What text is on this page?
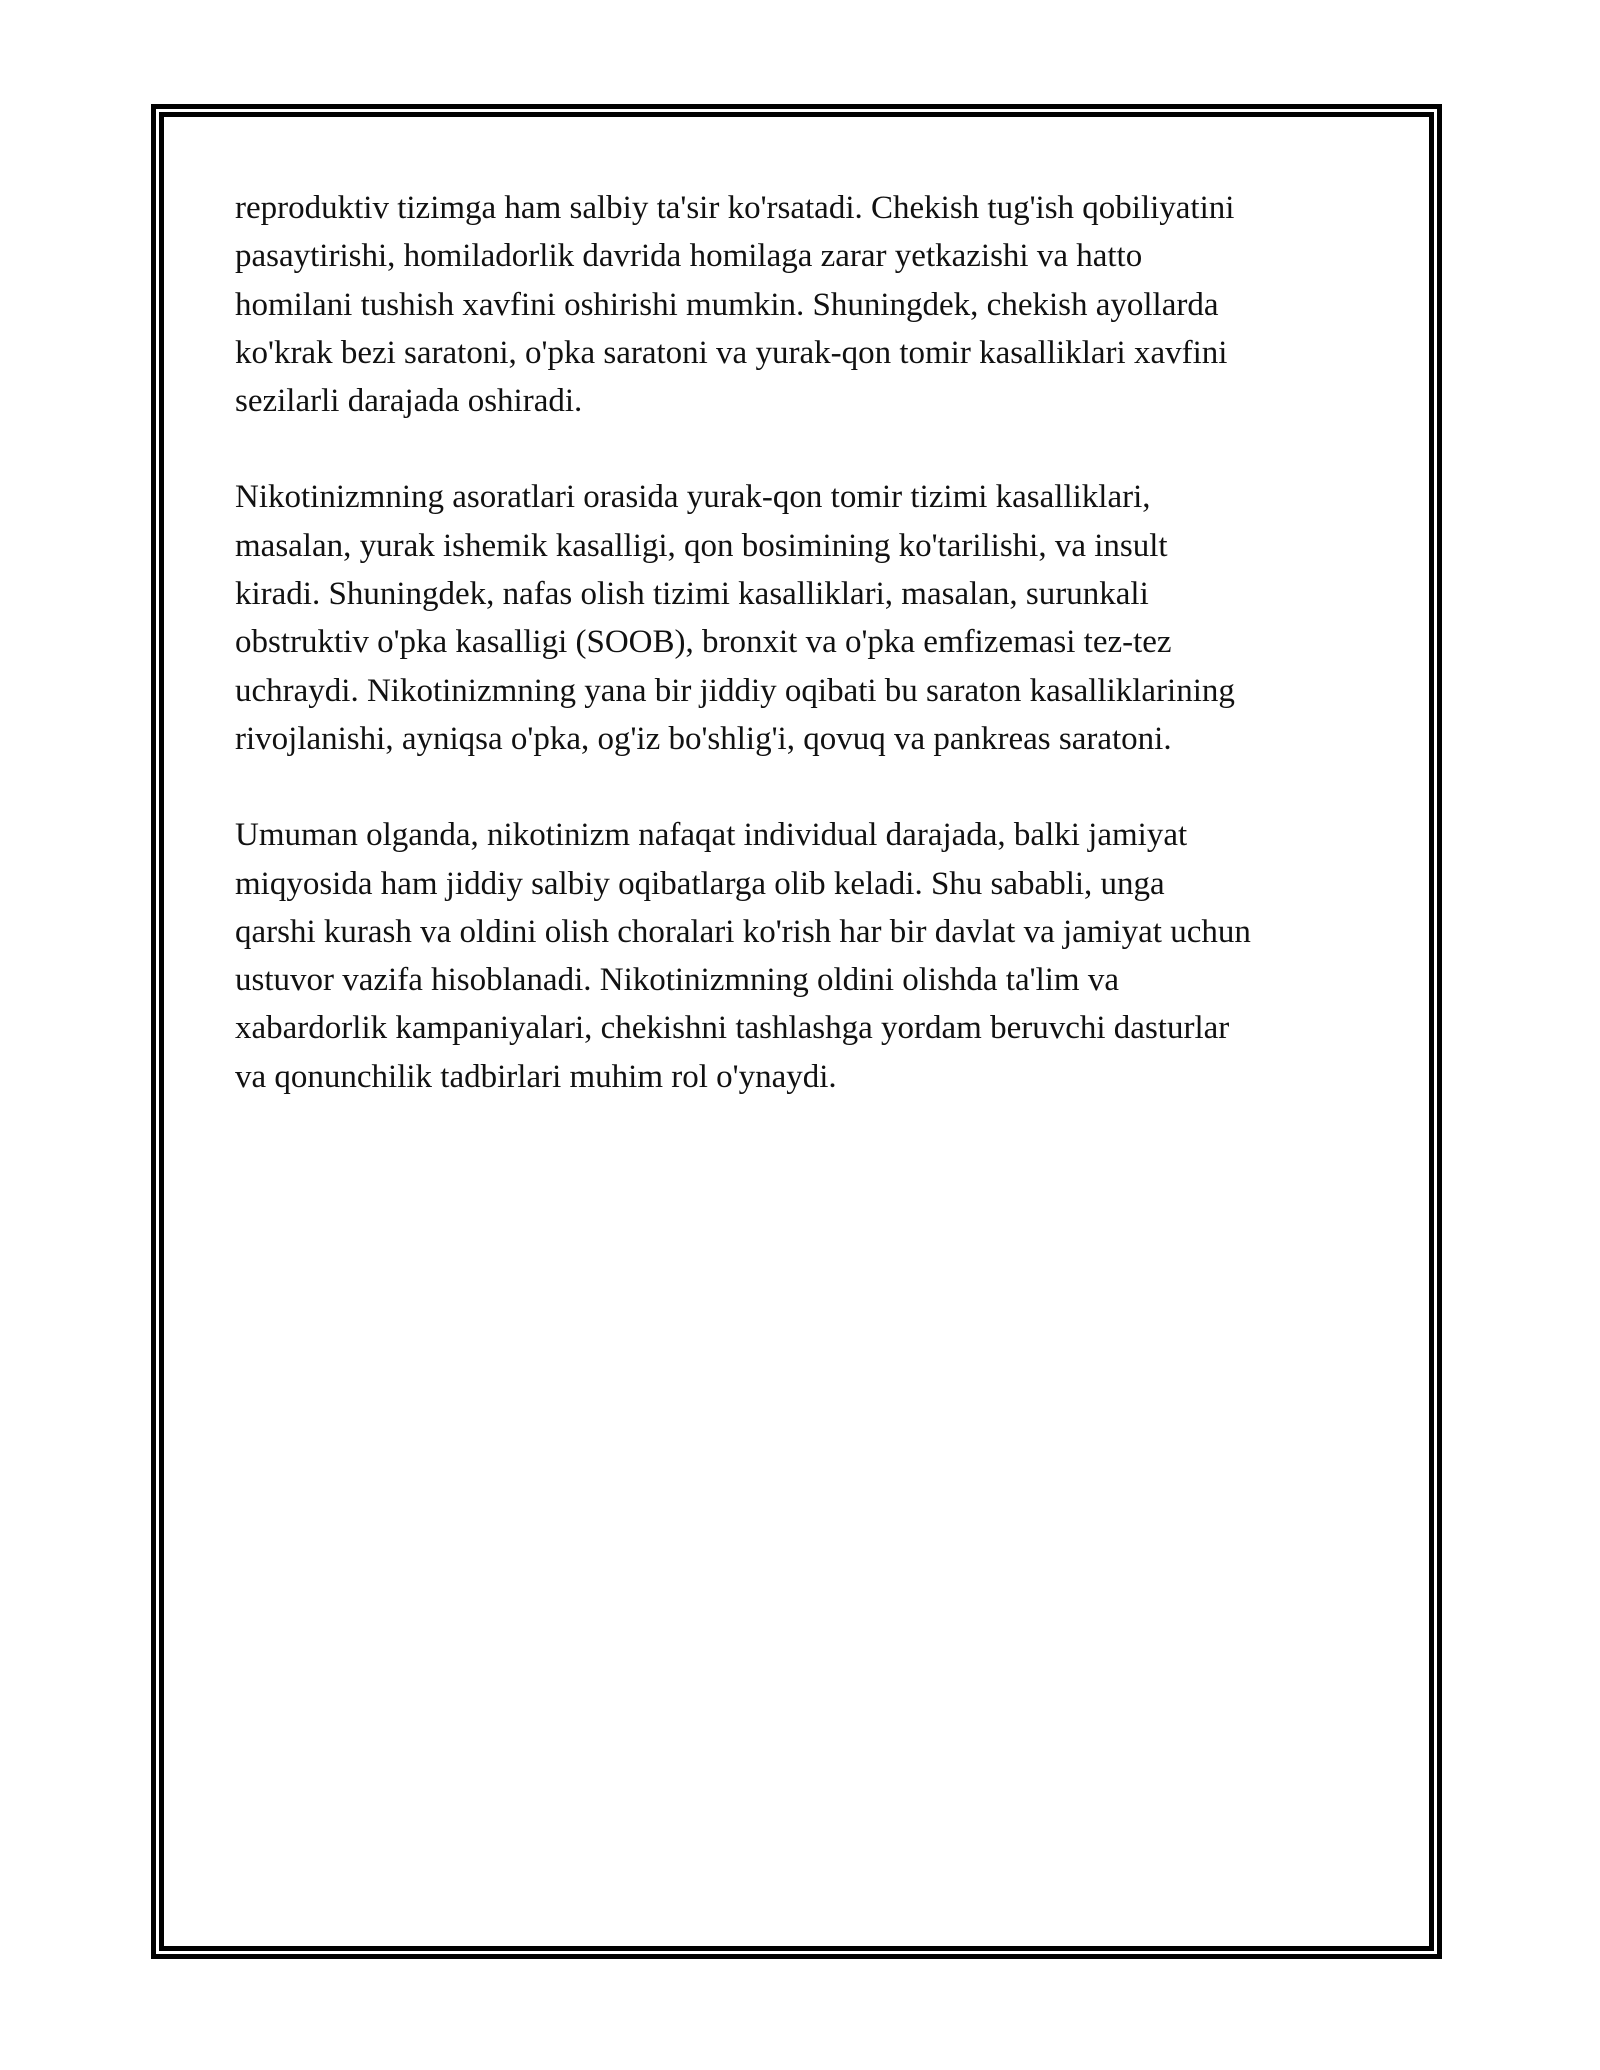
reproduktiv tizimga ham salbiy ta'sir ko'rsatadi. Chekish tug'ish qobiliyatini
pasaytirishi, homiladorlik davrida homilaga zarar yetkazishi va hatto
homilani tushish xavfini oshirishi mumkin. Shuningdek, chekish ayollarda
ko'krak bezi saratoni, o'pka saratoni va yurak-qon tomir kasalliklari xavfini
sezilarli darajada oshiradi.

Nikotinizmning asoratlari orasida yurak-qon tomir tizimi kasalliklari,
masalan, yurak ishemik kasalligi, qon bosimining ko'tarilishi, va insult
kiradi. Shuningdek, nafas olish tizimi kasalliklari, masalan, surunkali
obstruktiv o'pka kasalligi (SOOB), bronxit va o'pka emfizemasi tez-tez
uchraydi. Nikotinizmning yana bir jiddiy oqibati bu saraton kasalliklarining
rivojlanishi, ayniqsa o'pka, og'iz bo'shlig'i, qovuq va pankreas saratoni.

Umuman olganda, nikotinizm nafaqat individual darajada, balki jamiyat
miqyosida ham jiddiy salbiy oqibatlarga olib keladi. Shu sababli, unga
qarshi kurash va oldini olish choralari ko'rish har bir davlat va jamiyat uchun
ustuvor vazifa hisoblanadi. Nikotinizmning oldini olishda ta'lim va
xabardorlik kampaniyalari, chekishni tashlashga yordam beruvchi dasturlar
va qonunchilik tadbirlari muhim rol o'ynaydi.
